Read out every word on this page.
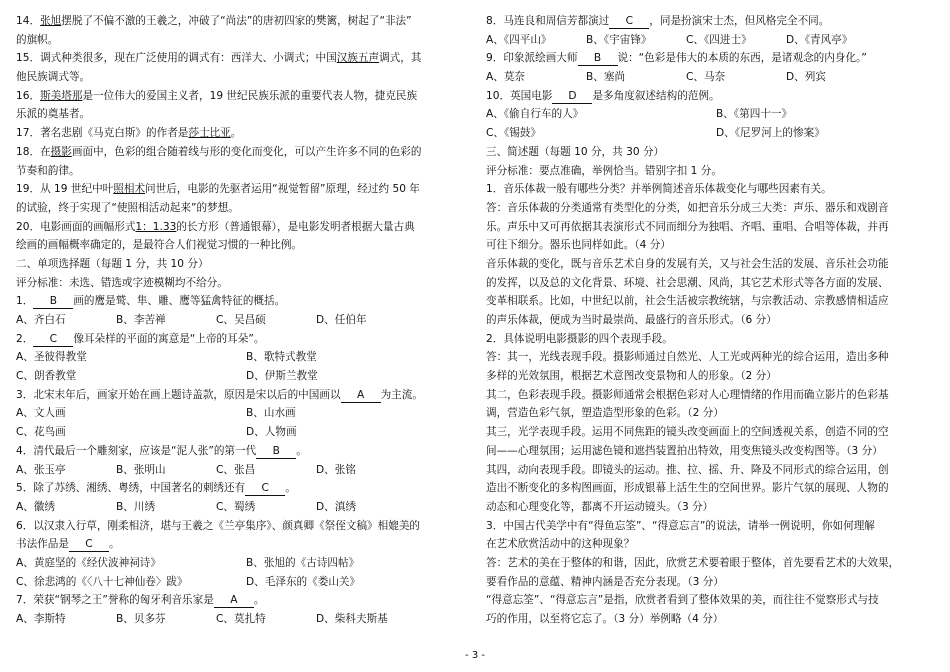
14．张旭摆脱了不偏不激的王羲之，冲破了“尚法”的唐初四家的樊篱，树起了“非法”
的旗帜。
15．调式种类很多，现在广泛使用的调式有：西洋大、小调式；中国汉族五声调式，其
他民族调式等。
16．斯美塔那是一位伟大的爱国主义者，19 世纪民族乐派的重要代表人物，捷克民族
乐派的奠基者。
17．著名悲剧《马克白斯》的作者是莎士比亚。
18．在摄影画面中，色彩的组合随着线与形的变化而变化，可以产生许多不同的色彩的
节奏和韵律。
19．从 19 世纪中叶照相术问世后，电影的先驱者运用“视觉暂留”原理，经过约 50 年
的试验，终于实现了“使照相活动起来”的梦想。
20．电影画面的画幅形式1：1.33的长方形（普通银幕），是电影发明者根据大量古典
绘画的画幅概率确定的，是最符合人们视觉习惯的一种比例。
二、单项选择题（每题 1 分，共 10 分）
评分标准：未选、错选或字迹模糊均不给分。
1． B 画的鹰是鹫、隼、雕、鹰等猛禽特征的概括。
A、齐白石	B、李苦禅	C、吴昌硕	D、任伯年
2． C 像耳朵样的平面的寓意是“上帝的耳朵”。
A、圣彼得教堂	B、歌特式教堂
C、朗香教堂	D、伊斯兰教堂
3．北宋末年后，画家开始在画上题诗盖款，原因是宋以后的中国画以 A 为主流。
A、文人画	B、山水画
C、花鸟画	D、人物画
4．清代最后一个雕刻家，应该是“泥人张”的第一代 B 。
A、张玉亭	B、张明山	C、张昌	D、张铭
5．除了苏绣、湘绣、粤绣，中国著名的刺绣还有 C 。
A、徽绣	B、川绣	C、蜀绣	D、滇绣
6．以汉隶入行草，刚柔相济，堪与王羲之《兰亭集序》、颜真卿《祭侄文稿》相媲美的
书法作品是 C 。
A、黄庭坚的《经伏波神祠诗》	B、张旭的《古诗四帖》
C、徐悲鸿的《〈八十七神仙卷〉跋》	D、毛泽东的《娄山关》
7．荣获“钢琴之王”誉称的匈牙利音乐家是 A 。
A、李斯特	B、贝多芬	C、莫扎特	D、柴科夫斯基
8．马连良和周信芳都演过 C ，同是扮演宋士杰，但风格完全不同。
A、《四平山》	B、《宇宙锋》	C、《四进士》	D、《青风亭》
9．印象派绘画大师 B 说：“色彩是伟大的本质的东西，是诸观念的内身化。”
A、莫奈	B、塞尚	C、马奈	D、列宾
10．英国电影 D 是多角度叙述结构的范例。
A、《偷自行车的人》	B、《第四十一》
C、《锡鼓》	D、《尼罗河上的惨案》
三、简述题（每题 10 分，共 30 分）
评分标准：要点准确，举例恰当。错别字扣 1 分。
1．音乐体裁一般有哪些分类？并举例简述音乐体裁变化与哪些因素有关。
答：音乐体裁的分类通常有类型化的分类，如把音乐分成三大类：声乐、器乐和戏剧音
乐。声乐中又可再依据其表演形式不同而细分为独唱、齐唱、重唱、合唱等体裁，并再
可往下细分。器乐也同样如此。（4 分）
音乐体裁的变化，既与音乐艺术自身的发展有关，又与社会生活的发展、音乐社会功能
的发挥，以及总的文化背景、环境、社会思潮、风尚，其它艺术形式等各方面的发展、
变革相联系。比如，中世纪以前，社会生活被宗教统辖，与宗教活动、宗教感情相适应
的声乐体裁，便成为当时最崇尚、最盛行的音乐形式。（6 分）
2．具体说明电影摄影的四个表现手段。
答：其一，光线表现手段。摄影师通过自然光、人工光或两种光的综合运用，造出多种
多样的光效氛围，根据艺术意图改变景物和人的形象。（2 分）
其二，色彩表现手段。摄影师通常会根据色彩对人心理情绪的作用而确立影片的色彩基
调，营造色彩气氛，塑造造型形象的色彩。（2 分）
其三，光学表现手段。运用不同焦距的镜头改变画面上的空间透视关系，创造不同的空
间——心理氛围；运用滤色镜和遮挡装置拍出特效，用变焦镜头改变构图等。（3 分）
其四，动向表现手段。即镜头的运动。推、拉、摇、升、降及不同形式的综合运用，创
造出不断变化的多构图画面，形成银幕上活生生的空间世界。影片气氛的展现、人物的
动态和心理变化等，都离不开运动镜头。（3 分）
3．中国古代美学中有“得鱼忘筌”、“得意忘言”的说法，请举一例说明，你如何理解
在艺术欣赏活动中的这种现象？
答：艺术的美在于整体的和谐，因此，欣赏艺术要着眼于整体，首先要看艺术的大效果，
要看作品的意蕴、精神内涵是否充分表现。（3 分）
“得意忘筌”、“得意忘言”是指，欣赏者看到了整体效果的美，而往往不觉察形式与技
巧的作用，以至将它忘了。（3 分）举例略（4 分）
- 3 -
